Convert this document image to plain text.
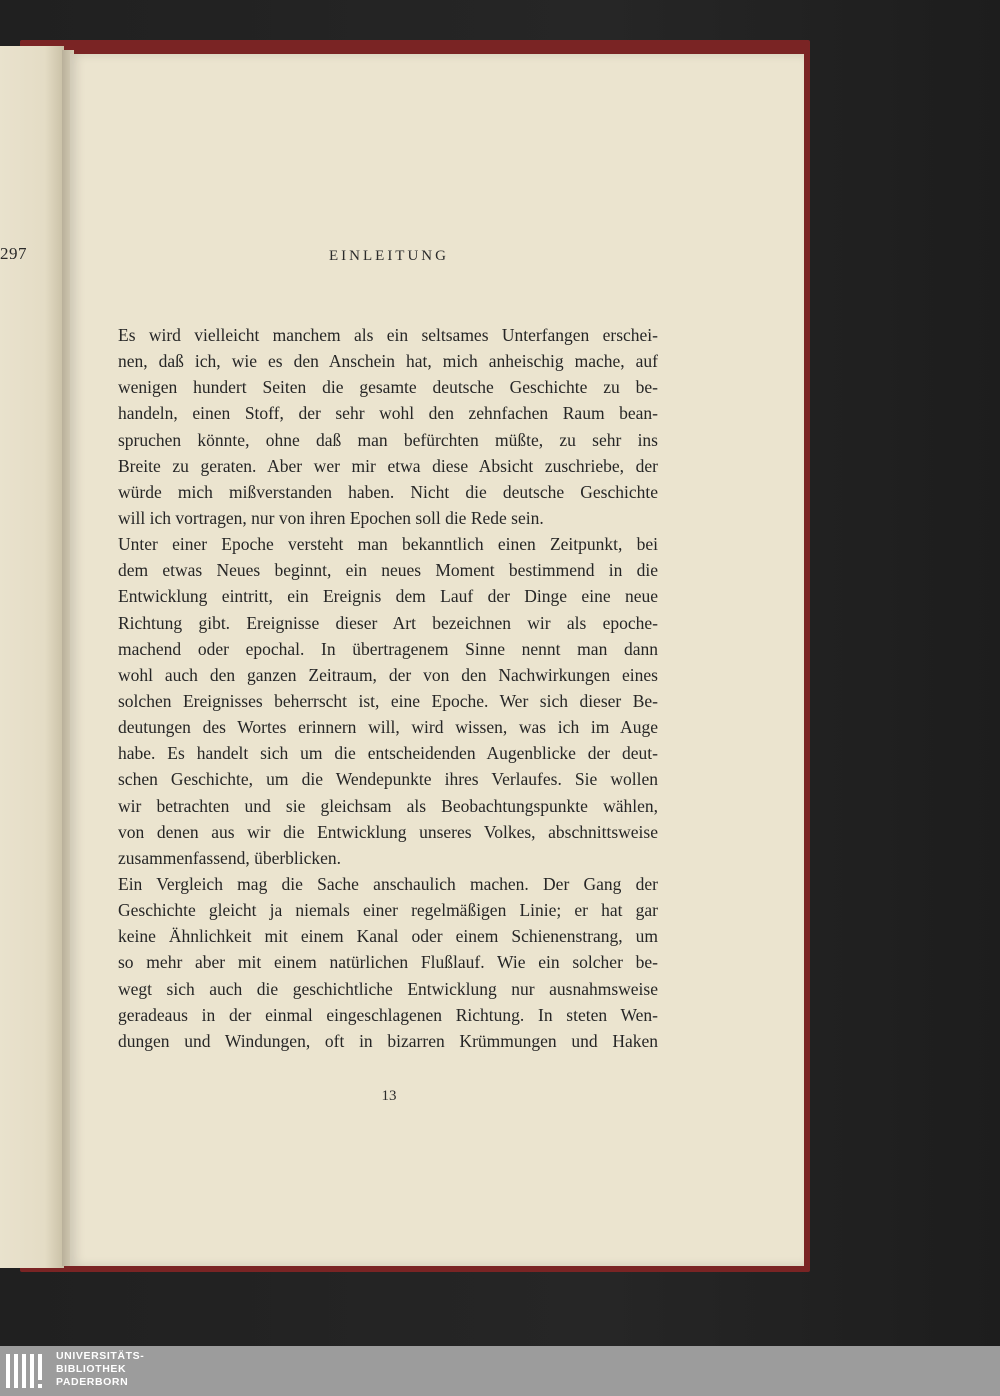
297	EINLEITUNG
Es wird vielleicht manchem als ein seltsames Unterfangen erschei-
nen, daß ich, wie es den Anschein hat, mich anheischig mache, auf
wenigen hundert Seiten die gesamte deutsche Geschichte zu be-
handeln, einen Stoff, der sehr wohl den zehnfachen Raum bean-
spruchen könnte, ohne daß man befürchten müßte, zu sehr ins
Breite zu geraten. Aber wer mir etwa diese Absicht zuschriebe, der
würde mich mißverstanden haben. Nicht die deutsche Geschichte
will ich vortragen, nur von ihren Epochen soll die Rede sein.
Unter einer Epoche versteht man bekanntlich einen Zeitpunkt, bei
dem etwas Neues beginnt, ein neues Moment bestimmend in die
Entwicklung eintritt, ein Ereignis dem Lauf der Dinge eine neue
Richtung gibt. Ereignisse dieser Art bezeichnen wir als epoche-
machend oder epochal. In übertragenem Sinne nennt man dann
wohl auch den ganzen Zeitraum, der von den Nachwirkungen eines
solchen Ereignisses beherrscht ist, eine Epoche. Wer sich dieser Be-
deutungen des Wortes erinnern will, wird wissen, was ich im Auge
habe. Es handelt sich um die entscheidenden Augenblicke der deut-
schen Geschichte, um die Wendepunkte ihres Verlaufes. Sie wollen
wir betrachten und sie gleichsam als Beobachtungspunkte wählen,
von denen aus wir die Entwicklung unseres Volkes, abschnittsweise
zusammenfassend, überblicken.
Ein Vergleich mag die Sache anschaulich machen. Der Gang der
Geschichte gleicht ja niemals einer regelmäßigen Linie; er hat gar
keine Ähnlichkeit mit einem Kanal oder einem Schienenstrang, um
so mehr aber mit einem natürlichen Flußlauf. Wie ein solcher be-
wegt sich auch die geschichtliche Entwicklung nur ausnahmsweise
geradeaus in der einmal eingeschlagenen Richtung. In steten Wen-
dungen und Windungen, oft in bizarren Krümmungen und Haken
13
UNIVERSITÄTS-
BIBLIOTHEK
PADERBORN
